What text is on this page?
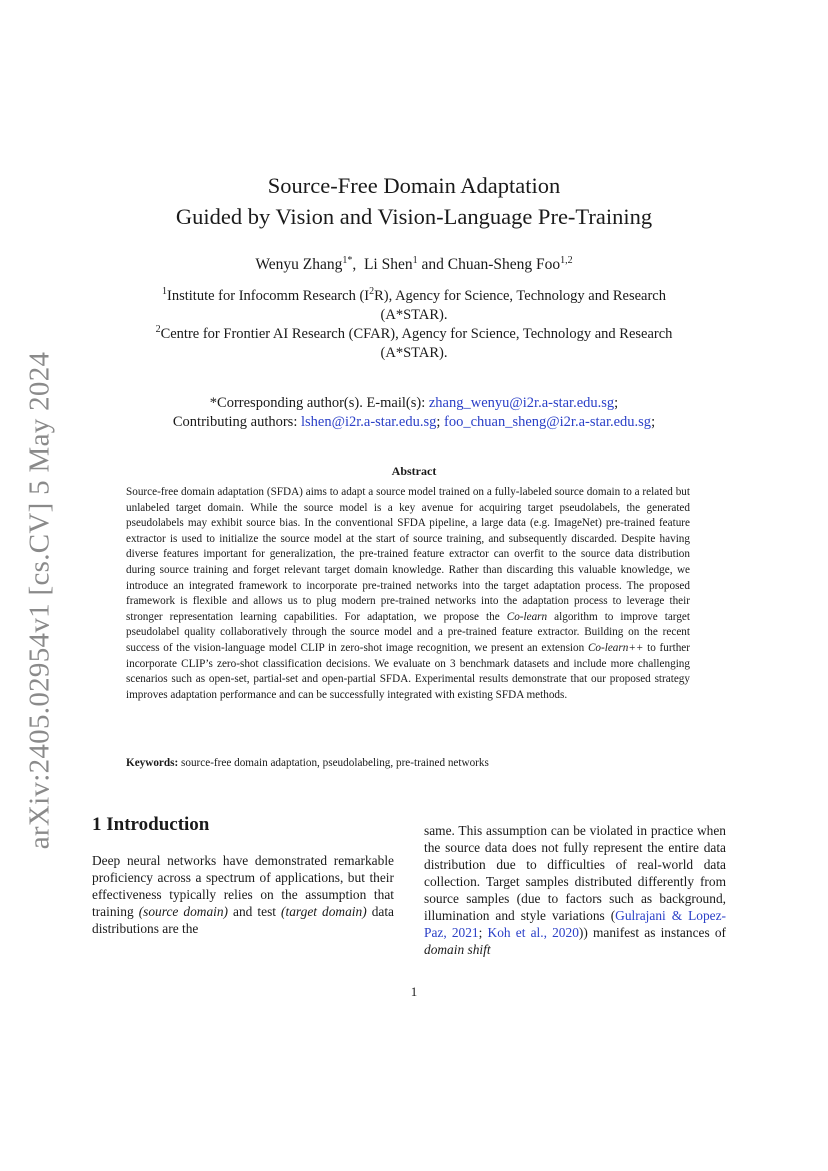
arXiv:2405.02954v1 [cs.CV] 5 May 2024
Source-Free Domain Adaptation
Guided by Vision and Vision-Language Pre-Training
Wenyu Zhang$^{1*}$, Li Shen$^1$ and Chuan-Sheng Foo$^{1,2}$
$^1$Institute for Infocomm Research $(I^2R)$, Agency for Science, Technology and Research
(A*STAR).
$^2$Centre for Frontier AI Research (CFAR), Agency for Science, Technology and Research
(A*STAR).
*Corresponding author(s). E-mail(s): zhang_wenyu@i2r.a-star.edu.sg;
Contributing authors: lshen@i2r.a-star.edu.sg; foo_chuan_sheng@i2r.a-star.edu.sg;
Abstract
Source-free domain adaptation (SFDA) aims to adapt a source model trained on a fully-labeled source domain to a related but unlabeled target domain. While the source model is a key avenue for acquiring target pseudolabels, the generated pseudolabels may exhibit source bias. In the conventional SFDA pipeline, a large data (e.g. ImageNet) pre-trained feature extractor is used to initialize the source model at the start of source training, and subsequently discarded. Despite having diverse features important for generalization, the pre-trained feature extractor can overfit to the source data distribution during source training and forget relevant target domain knowledge. Rather than discarding this valuable knowledge, we introduce an integrated framework to incorporate pre-trained networks into the target adaptation process. The proposed framework is flexible and allows us to plug modern pre-trained networks into the adaptation process to leverage their stronger representation learning capabilities. For adaptation, we propose the Co-learn algorithm to improve target pseudolabel quality collaboratively through the source model and a pre-trained feature extractor. Building on the recent success of the vision-language model CLIP in zero-shot image recognition, we present an extension Co-learn++ to further incorporate CLIP’s zero-shot classification decisions. We evaluate on 3 benchmark datasets and include more challenging scenarios such as open-set, partial-set and open-partial SFDA. Experimental results demonstrate that our proposed strategy improves adaptation performance and can be successfully integrated with existing SFDA methods.
Keywords: source-free domain adaptation, pseudolabeling, pre-trained networks
1 Introduction
Deep neural networks have demonstrated remarkable proficiency across a spectrum of applications, but their effectiveness typically relies on the assumption that training (source domain) and test (target domain) data distributions are the
same. This assumption can be violated in practice when the source data does not fully represent the entire data distribution due to difficulties of real-world data collection. Target samples distributed differently from source samples (due to factors such as background, illumination and style variations (Gulrajani & Lopez-Paz, 2021; Koh et al., 2020)) manifest as instances of domain shift
1
